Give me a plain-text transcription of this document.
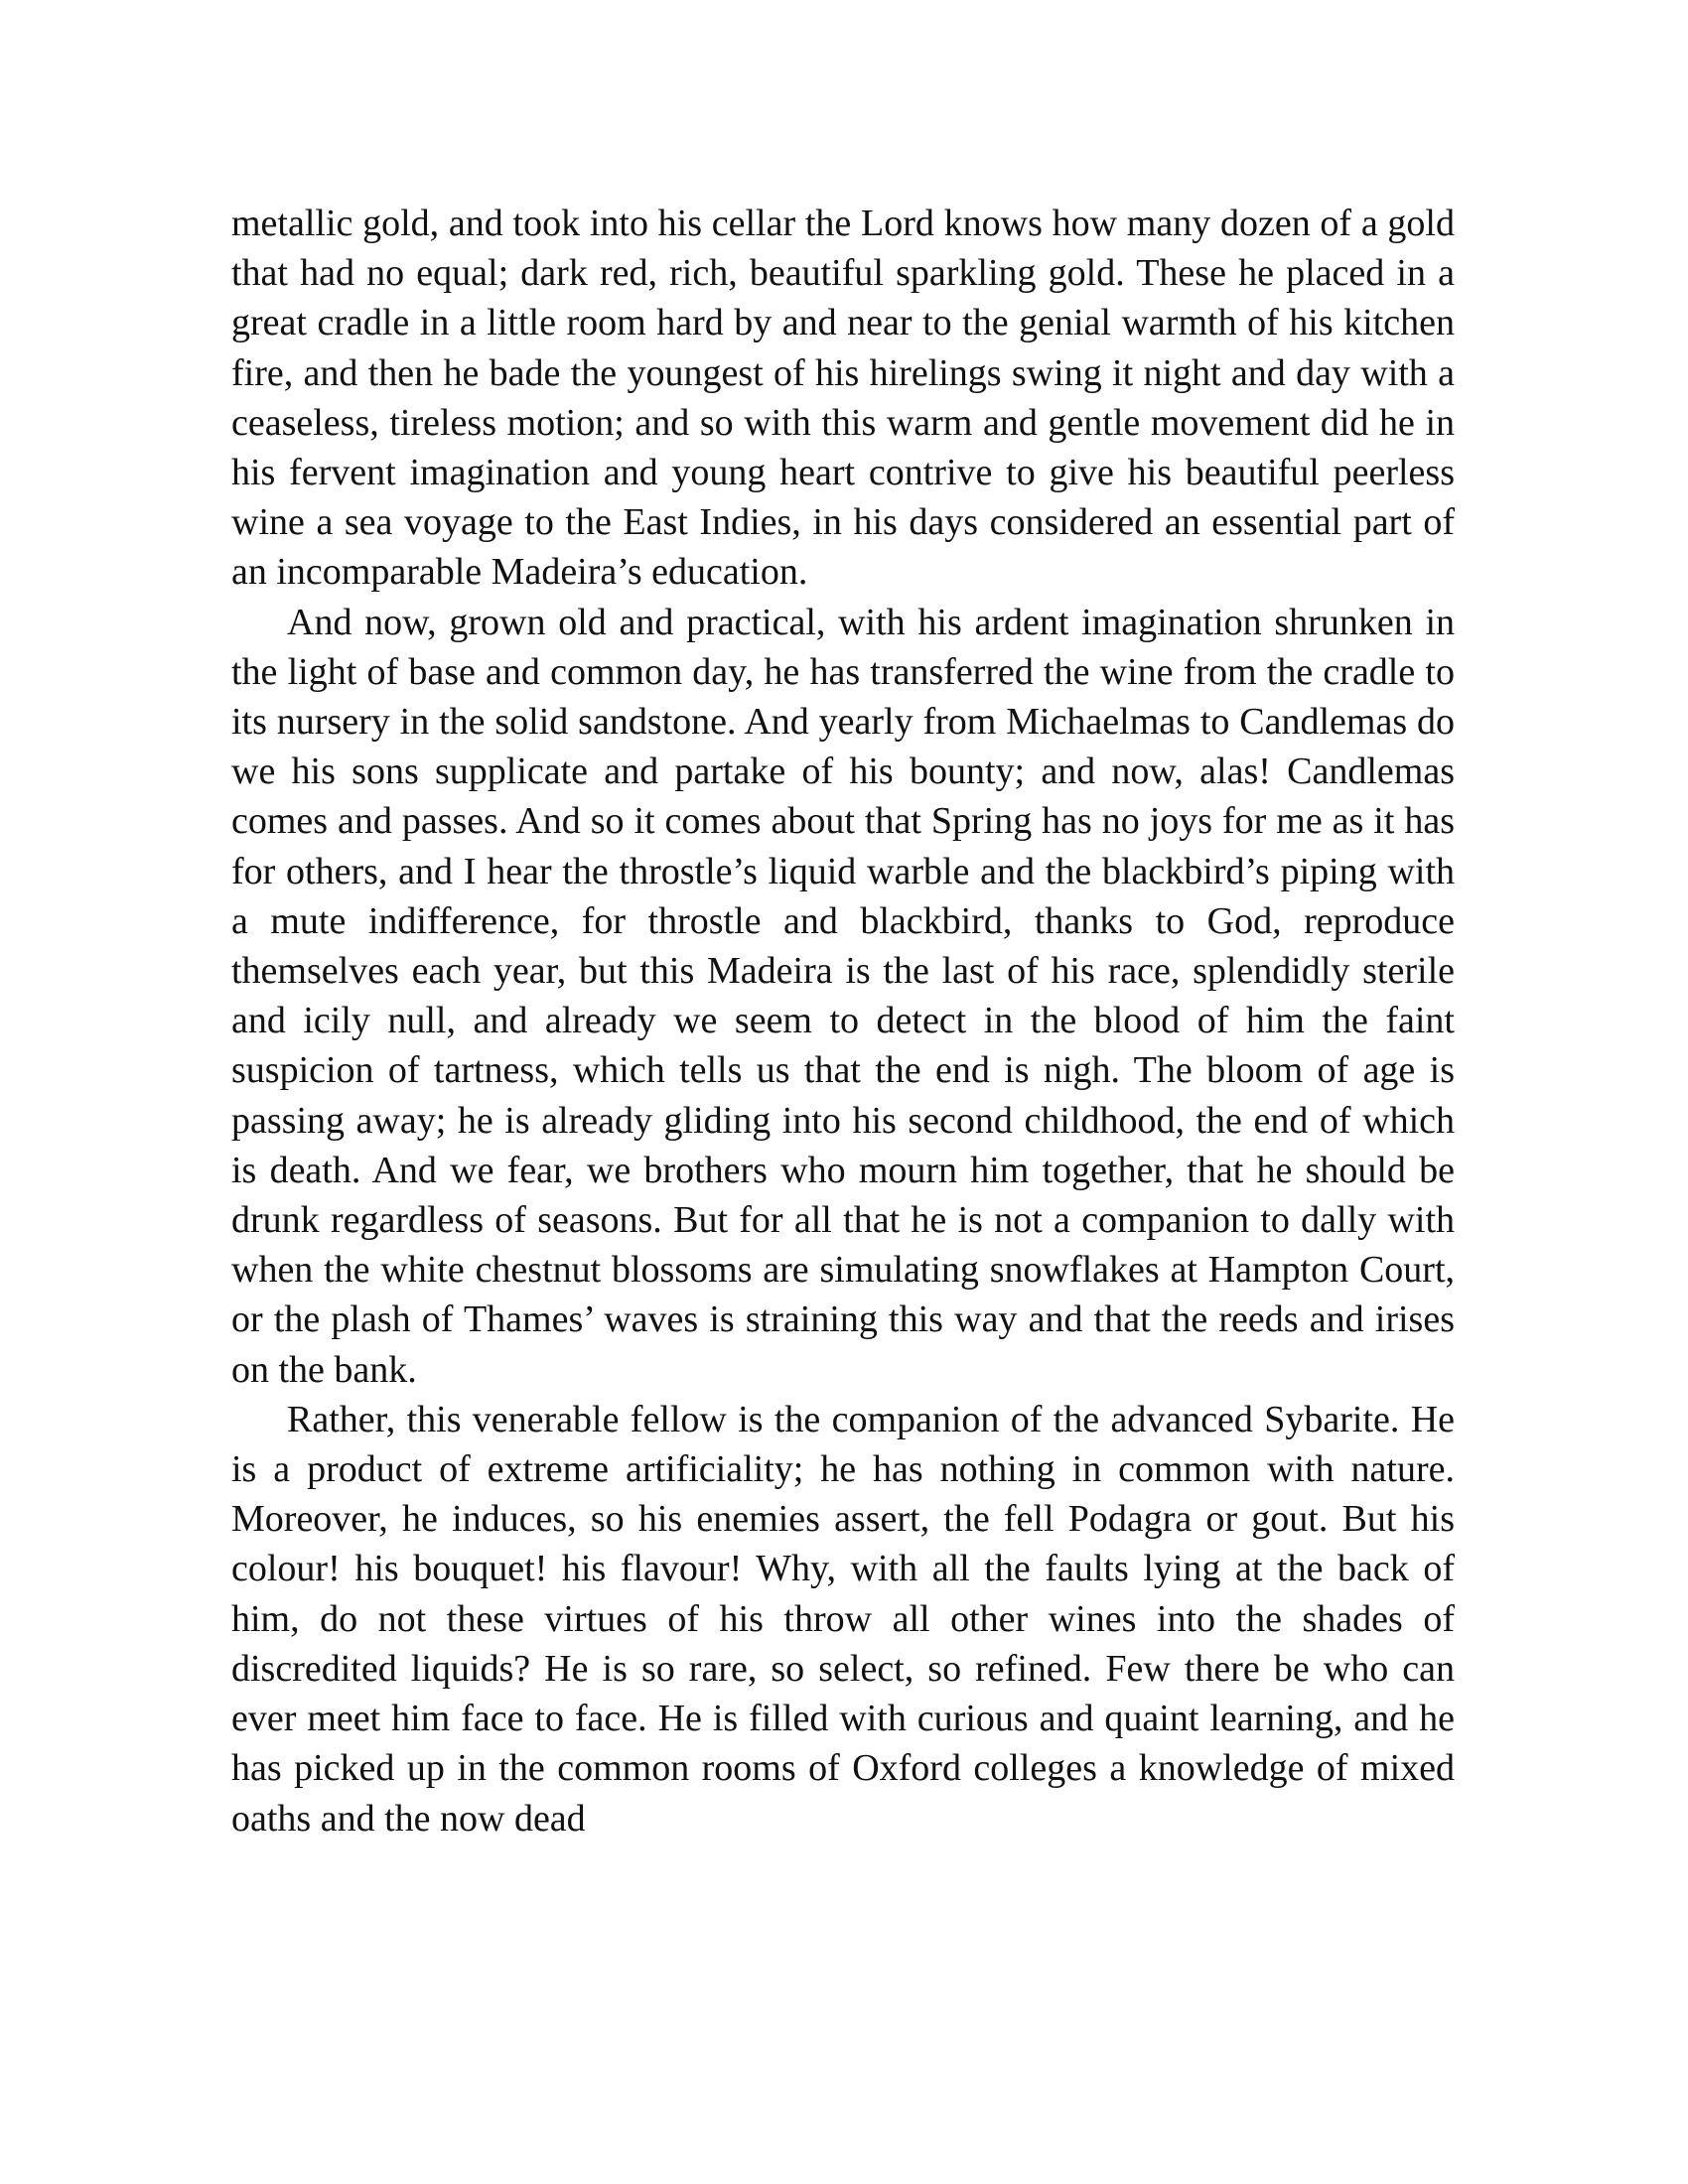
metallic gold, and took into his cellar the Lord knows how many dozen of a gold that had no equal; dark red, rich, beautiful sparkling gold. These he placed in a great cradle in a little room hard by and near to the genial warmth of his kitchen fire, and then he bade the youngest of his hirelings swing it night and day with a ceaseless, tireless motion; and so with this warm and gentle movement did he in his fervent imagination and young heart contrive to give his beautiful peerless wine a sea voyage to the East Indies, in his days considered an essential part of an incomparable Madeira’s education.

And now, grown old and practical, with his ardent imagination shrunken in the light of base and common day, he has transferred the wine from the cradle to its nursery in the solid sandstone. And yearly from Michaelmas to Candlemas do we his sons supplicate and partake of his bounty; and now, alas! Candlemas comes and passes. And so it comes about that Spring has no joys for me as it has for others, and I hear the throstle’s liquid warble and the blackbird’s piping with a mute indifference, for throstle and blackbird, thanks to God, reproduce themselves each year, but this Madeira is the last of his race, splendidly sterile and icily null, and already we seem to detect in the blood of him the faint suspicion of tartness, which tells us that the end is nigh. The bloom of age is passing away; he is already gliding into his second childhood, the end of which is death. And we fear, we brothers who mourn him together, that he should be drunk regardless of seasons. But for all that he is not a companion to dally with when the white chestnut blossoms are simulating snowflakes at Hampton Court, or the plash of Thames’ waves is straining this way and that the reeds and irises on the bank.

Rather, this venerable fellow is the companion of the advanced Sybarite. He is a product of extreme artificiality; he has nothing in common with nature. Moreover, he induces, so his enemies assert, the fell Podagra or gout. But his colour! his bouquet! his flavour! Why, with all the faults lying at the back of him, do not these virtues of his throw all other wines into the shades of discredited liquids? He is so rare, so select, so refined. Few there be who can ever meet him face to face. He is filled with curious and quaint learning, and he has picked up in the common rooms of Oxford colleges a knowledge of mixed oaths and the now dead
